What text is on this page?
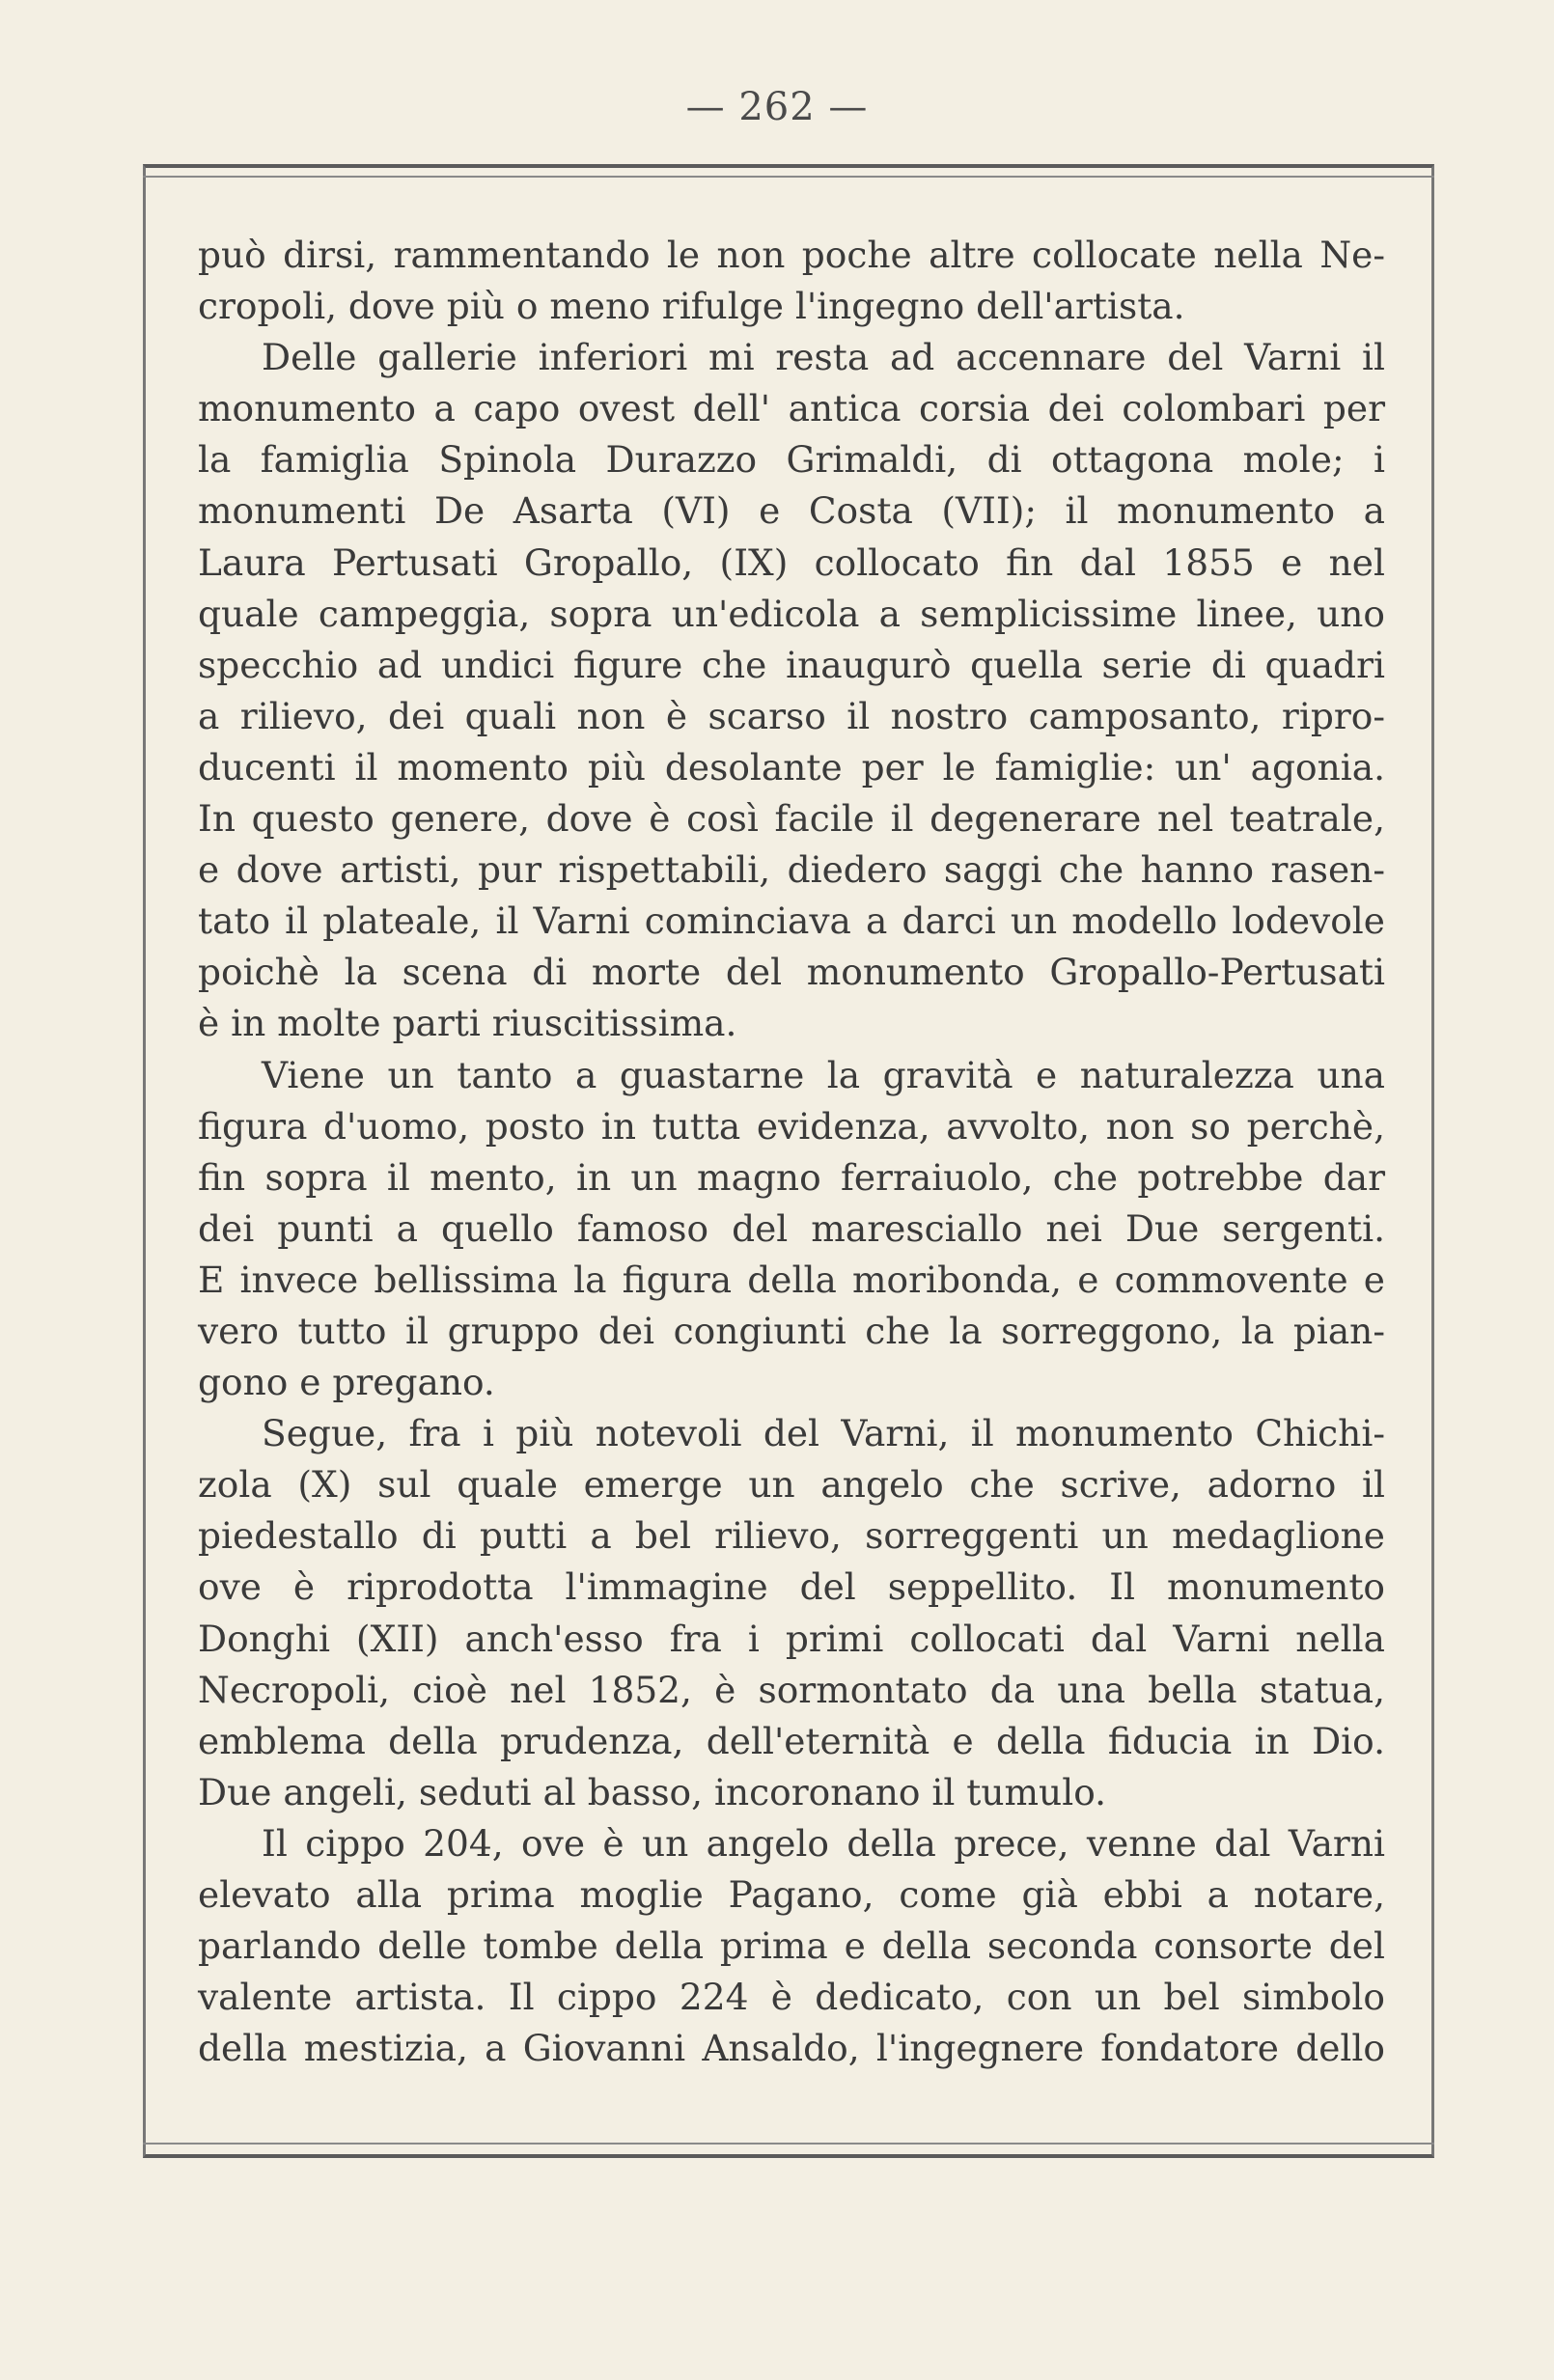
— 262 —
può dirsi, rammentando le non poche altre collocate nella Ne-
cropoli, dove più o meno rifulge l'ingegno dell'artista.
Delle gallerie inferiori mi resta ad accennare del Varni il
monumento a capo ovest dell' antica corsia dei colombari per
la famiglia Spinola Durazzo Grimaldi, di ottagona mole; i
monumenti De Asarta (VI) e Costa (VII); il monumento a
Laura Pertusati Gropallo, (IX) collocato fin dal 1855 e nel
quale campeggia, sopra un'edicola a semplicissime linee, uno
specchio ad undici figure che inaugurò quella serie di quadri
a rilievo, dei quali non è scarso il nostro camposanto, ripro-
ducenti il momento più desolante per le famiglie: un' agonia.
In questo genere, dove è così facile il degenerare nel teatrale,
e dove artisti, pur rispettabili, diedero saggi che hanno rasen-
tato il plateale, il Varni cominciava a darci un modello lodevole
poichè la scena di morte del monumento Gropallo-Pertusati
è in molte parti riuscitissima.
Viene un tanto a guastarne la gravità e naturalezza una
figura d'uomo, posto in tutta evidenza, avvolto, non so perchè,
fin sopra il mento, in un magno ferraiuolo, che potrebbe dar
dei punti a quello famoso del maresciallo nei Due sergenti.
E invece bellissima la figura della moribonda, e commovente e
vero tutto il gruppo dei congiunti che la sorreggono, la pian-
gono e pregano.
Segue, fra i più notevoli del Varni, il monumento Chichi-
zola (X) sul quale emerge un angelo che scrive, adorno il
piedestallo di putti a bel rilievo, sorreggenti un medaglione
ove è riprodotta l'immagine del seppellito. Il monumento
Donghi (XII) anch'esso fra i primi collocati dal Varni nella
Necropoli, cioè nel 1852, è sormontato da una bella statua,
emblema della prudenza, dell'eternità e della fiducia in Dio.
Due angeli, seduti al basso, incoronano il tumulo.
Il cippo 204, ove è un angelo della prece, venne dal Varni
elevato alla prima moglie Pagano, come già ebbi a notare,
parlando delle tombe della prima e della seconda consorte del
valente artista. Il cippo 224 è dedicato, con un bel simbolo
della mestizia, a Giovanni Ansaldo, l'ingegnere fondatore dello
